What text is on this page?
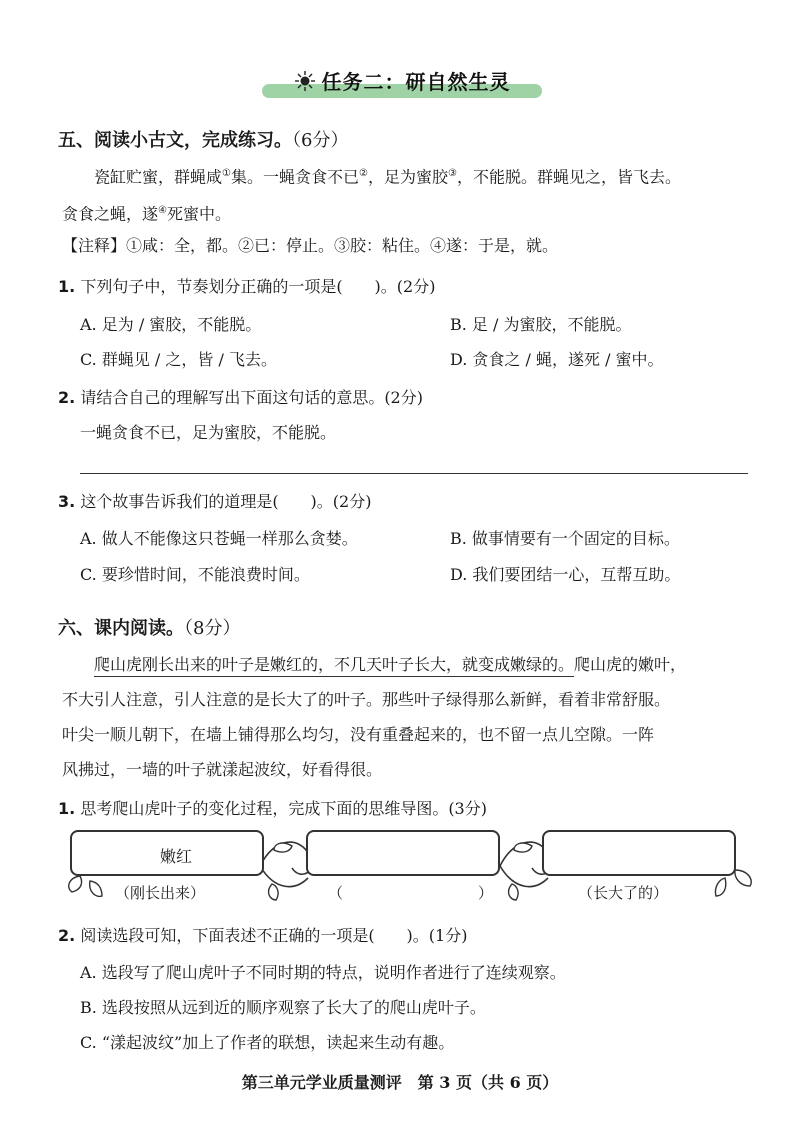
任务二：研自然生灵
五、阅读小古文，完成练习。（6分）
瓷缸贮蜜，群蝇咸①集。一蝇贪食不已②，足为蜜胶③，不能脱。群蝇见之，皆飞去。
贪食之蝇，遂④死蜜中。
【注释】①咸：全，都。②已：停止。③胶：粘住。④遂：于是，就。
1. 下列句子中，节奏划分正确的一项是(　　)。(2分)
A. 足为 / 蜜胶，不能脱。	B. 足 / 为蜜胶，不能脱。
C. 群蝇见 / 之，皆 / 飞去。	D. 贪食之 / 蝇，遂死 / 蜜中。
2. 请结合自己的理解写出下面这句话的意思。(2分)
一蝇贪食不已，足为蜜胶，不能脱。
3. 这个故事告诉我们的道理是(　　)。(2分)
A. 做人不能像这只苍蝇一样那么贪婪。	B. 做事情要有一个固定的目标。
C. 要珍惜时间，不能浪费时间。	D. 我们要团结一心，互帮互助。
六、课内阅读。（8分）
爬山虎刚长出来的叶子是嫩红的，不几天叶子长大，就变成嫩绿的。爬山虎的嫩叶，
不大引人注意，引人注意的是长大了的叶子。那些叶子绿得那么新鲜，看着非常舒服。
叶尖一顺儿朝下，在墙上铺得那么均匀，没有重叠起来的，也不留一点儿空隙。一阵
风拂过，一墙的叶子就漾起波纹，好看得很。
1. 思考爬山虎叶子的变化过程，完成下面的思维导图。(3分)
嫩红
（刚长出来）	（	）	（长大了的）
2. 阅读选段可知，下面表述不正确的一项是(　　)。(1分)
A. 选段写了爬山虎叶子不同时期的特点，说明作者进行了连续观察。
B. 选段按照从远到近的顺序观察了长大了的爬山虎叶子。
C. “漾起波纹”加上了作者的联想，读起来生动有趣。
第三单元学业质量测评　第 3 页（共 6 页）
